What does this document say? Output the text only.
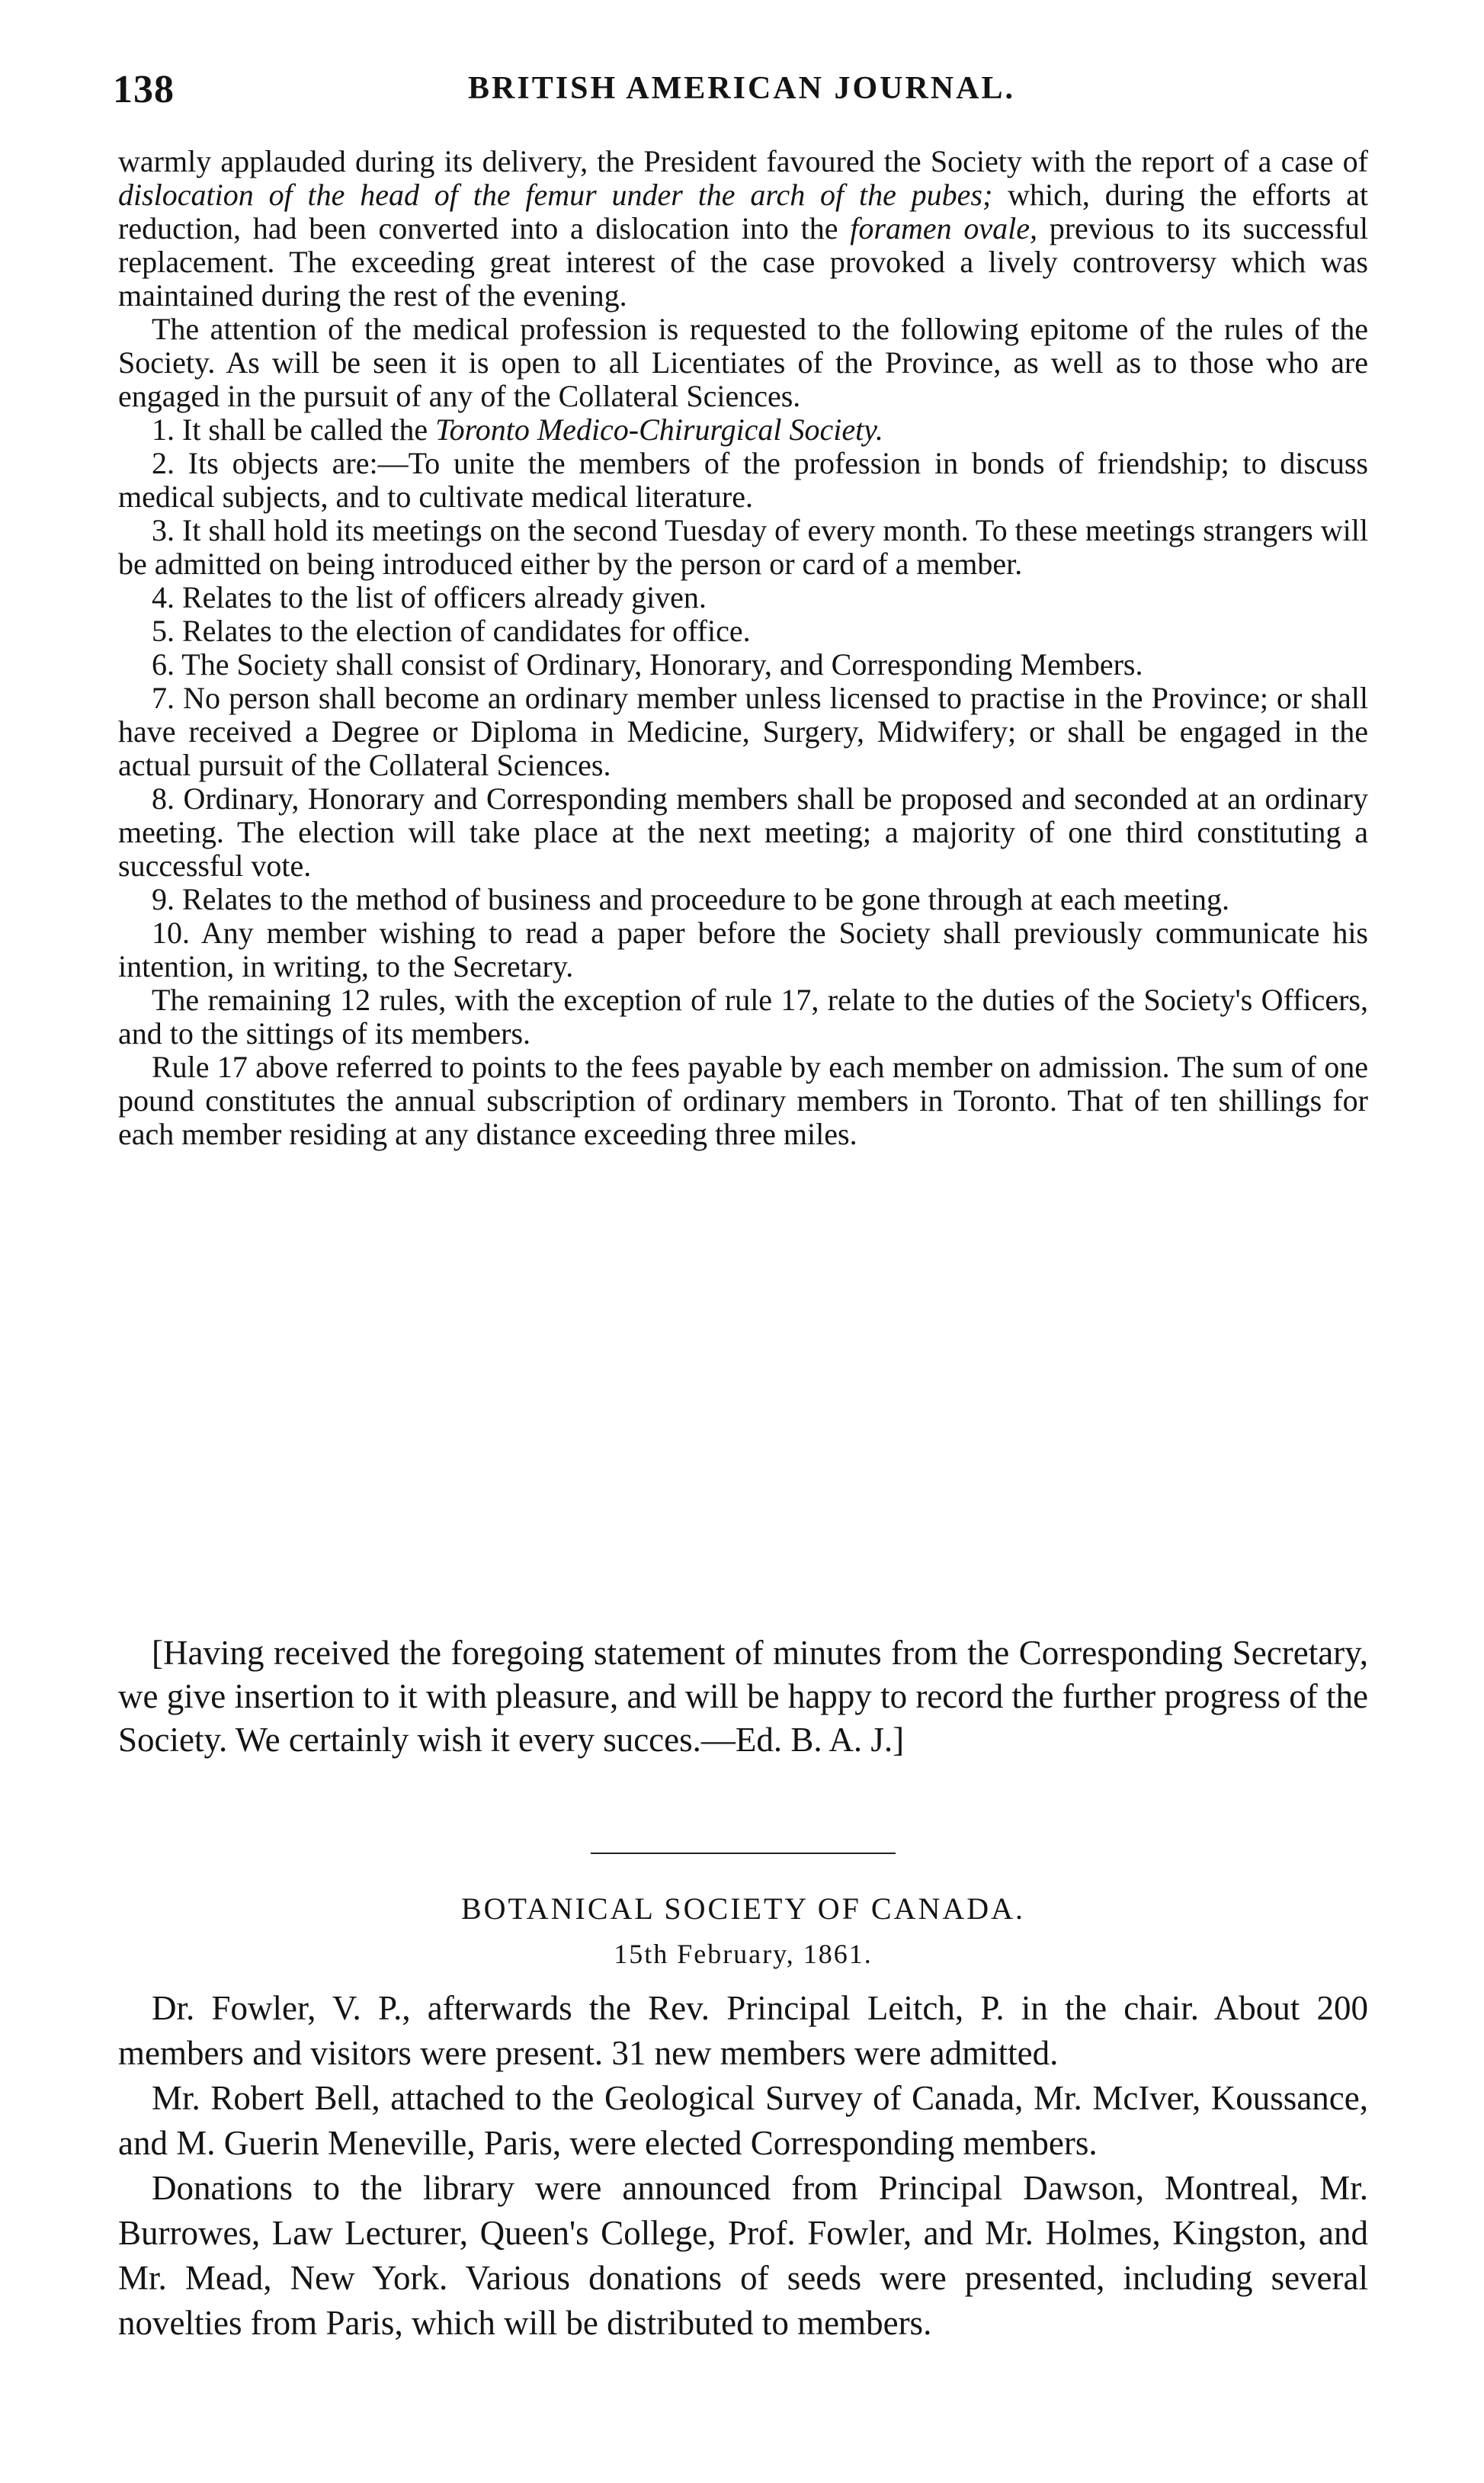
138	BRITISH AMERICAN JOURNAL.

warmly applauded during its delivery, the President favoured the Society with the report of a case of dislocation of the head of the femur under the arch of the pubes; which, during the efforts at reduction, had been converted into a dislocation into the foramen ovale, previous to its successful replacement. The exceeding great interest of the case provoked a lively controversy which was maintained during the rest of the evening.

The attention of the medical profession is requested to the following epitome of the rules of the Society. As will be seen it is open to all Licentiates of the Province, as well as to those who are engaged in the pursuit of any of the Collateral Sciences.

1. It shall be called the Toronto Medico-Chirurgical Society.

2. Its objects are:—To unite the members of the profession in bonds of friendship; to discuss medical subjects, and to cultivate medical literature.

3. It shall hold its meetings on the second Tuesday of every month. To these meetings strangers will be admitted on being introduced either by the person or card of a member.

4. Relates to the list of officers already given.

5. Relates to the election of candidates for office.

6. The Society shall consist of Ordinary, Honorary, and Corresponding Members.

7. No person shall become an ordinary member unless licensed to practise in the Province; or shall have received a Degree or Diploma in Medicine, Surgery, Midwifery; or shall be engaged in the actual pursuit of the Collateral Sciences.

8. Ordinary, Honorary and Corresponding members shall be proposed and seconded at an ordinary meeting. The election will take place at the next meeting; a majority of one third constituting a successful vote.

9. Relates to the method of business and proceedure to be gone through at each meeting.

10. Any member wishing to read a paper before the Society shall previously communicate his intention, in writing, to the Secretary.

The remaining 12 rules, with the exception of rule 17, relate to the duties of the Society's Officers, and to the sittings of its members.

Rule 17 above referred to points to the fees payable by each member on admission. The sum of one pound constitutes the annual subscription of ordinary members in Toronto. That of ten shillings for each member residing at any distance exceeding three miles.

[Having received the foregoing statement of minutes from the Corresponding Secretary, we give insertion to it with pleasure, and will be happy to record the further progress of the Society. We certainly wish it every succes.—Ed. B. A. J.]

BOTANICAL SOCIETY OF CANADA.
15th February, 1861.

Dr. Fowler, V. P., afterwards the Rev. Principal Leitch, P. in the chair. About 200 members and visitors were present. 31 new members were admitted.

Mr. Robert Bell, attached to the Geological Survey of Canada, Mr. McIver, Koussance, and M. Guerin Meneville, Paris, were elected Corresponding members.

Donations to the library were announced from Principal Dawson, Montreal, Mr. Burrowes, Law Lecturer, Queen's College, Prof. Fowler, and Mr. Holmes, Kingston, and Mr. Mead, New York. Various donations of seeds were presented, including several novelties from Paris, which will be distributed to members.
